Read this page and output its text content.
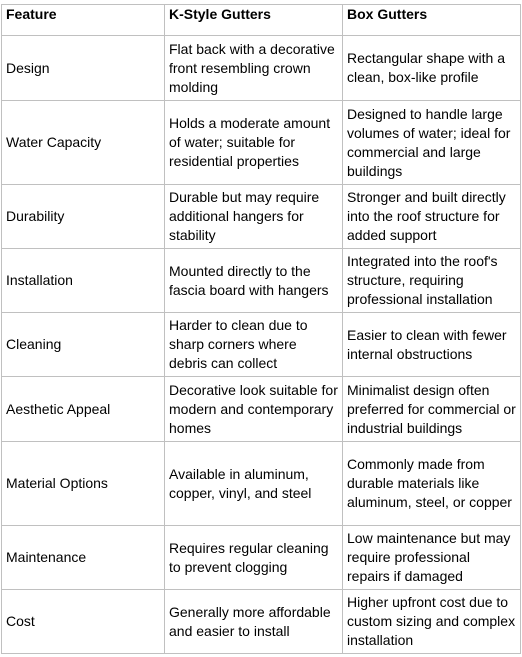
Feature	K-Style Gutters	Box Gutters
Design	Flat back with a decorative front resembling crown molding	Rectangular shape with a clean, box-like profile
Water Capacity	Holds a moderate amount of water; suitable for residential properties	Designed to handle large volumes of water; ideal for commercial and large buildings
Durability	Durable but may require additional hangers for stability	Stronger and built directly into the roof structure for added support
Installation	Mounted directly to the fascia board with hangers	Integrated into the roof's structure, requiring professional installation
Cleaning	Harder to clean due to sharp corners where debris can collect	Easier to clean with fewer internal obstructions
Aesthetic Appeal	Decorative look suitable for modern and contemporary homes	Minimalist design often preferred for commercial or industrial buildings
Material Options	Available in aluminum, copper, vinyl, and steel	Commonly made from durable materials like aluminum, steel, or copper
Maintenance	Requires regular cleaning to prevent clogging	Low maintenance but may require professional repairs if damaged
Cost	Generally more affordable and easier to install	Higher upfront cost due to custom sizing and complex installation
